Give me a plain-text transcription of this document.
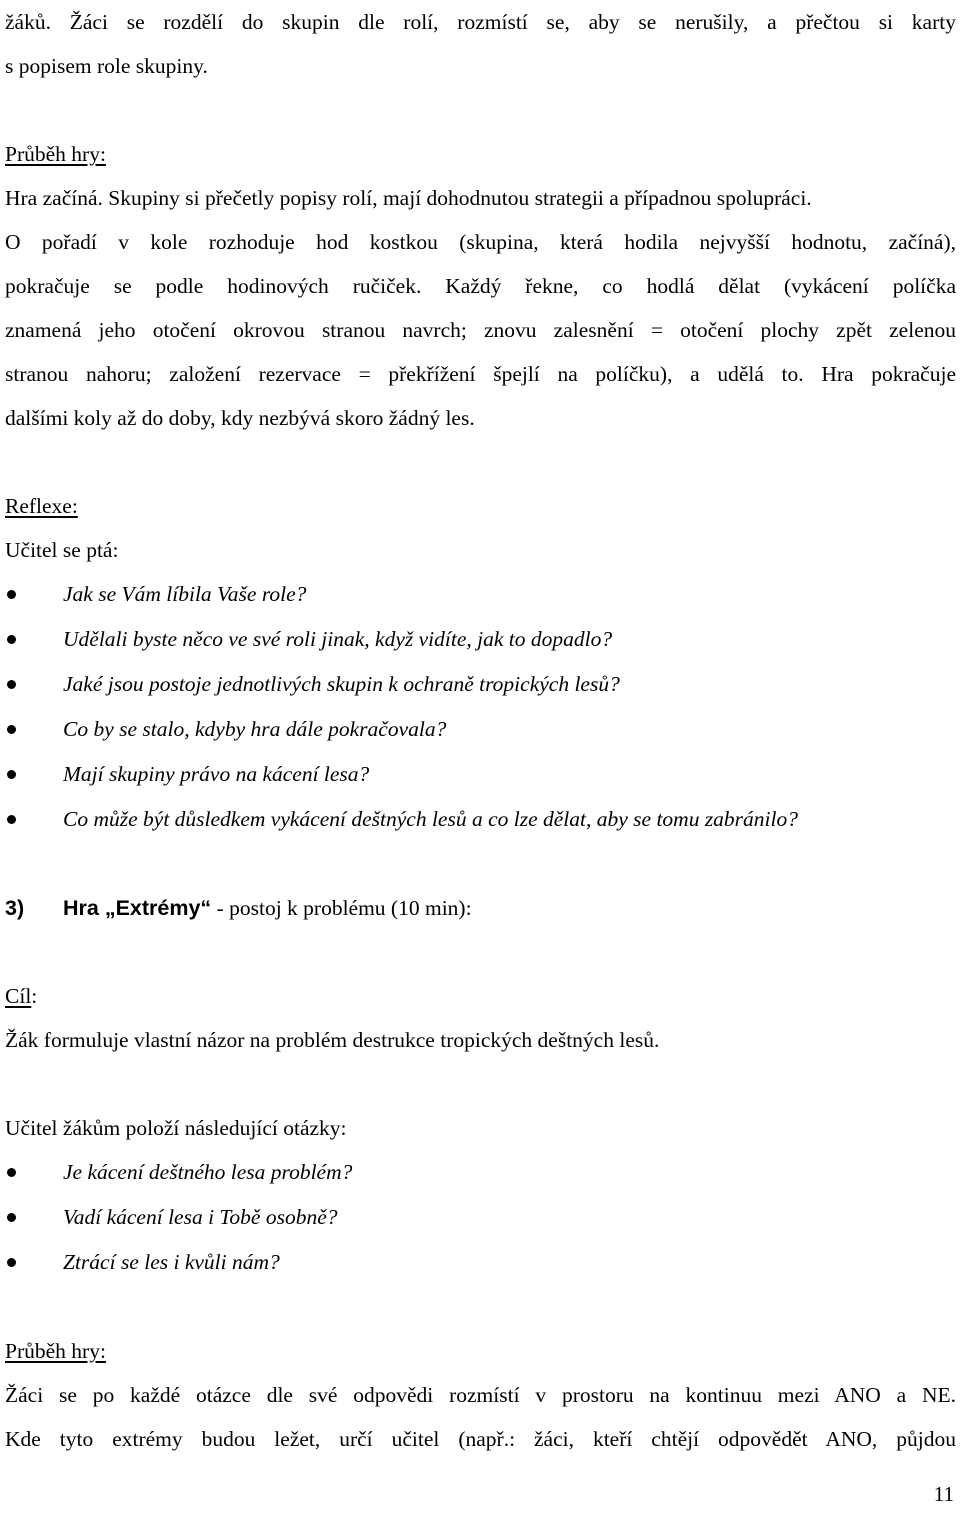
žáků. Žáci se rozdělí do skupin dle rolí, rozmístí se, aby se nerušily, a přečtou si karty

s popisem role skupiny.

Průběh hry:

Hra začíná. Skupiny si přečetly popisy rolí, mají dohodnutou strategii a případnou spolupráci.

O pořadí v kole rozhoduje hod kostkou (skupina, která hodila nejvyšší hodnotu, začíná),

pokračuje se podle hodinových ručiček. Každý řekne, co hodlá dělat (vykácení políčka

znamená jeho otočení okrovou stranou navrch; znovu zalesnění = otočení plochy zpět zelenou

stranou nahoru; založení rezervace = překřížení špejlí na políčku), a udělá to. Hra pokračuje

dalšími koly až do doby, kdy nezbývá skoro žádný les.

Reflexe:

Učitel se ptá:

Jak se Vám líbila Vaše role?
Udělali byste něco ve své roli jinak, když vidíte, jak to dopadlo?
Jaké jsou postoje jednotlivých skupin k ochraně tropických lesů?
Co by se stalo, kdyby hra dále pokračovala?
Mají skupiny právo na kácení lesa?
Co může být důsledkem vykácení deštných lesů a co lze dělat, aby se tomu zabránilo?
3) Hra „Extrémy“ - postoj k problému (10 min):

Cíl:

Žák formuluje vlastní názor na problém destrukce tropických deštných lesů.

Učitel žákům položí následující otázky:

Je kácení deštného lesa problém?
Vadí kácení lesa i Tobě osobně?
Ztrácí se les i kvůli nám?

Průběh hry:

Žáci se po každé otázce dle své odpovědi rozmístí v prostoru na kontinuu mezi ANO a NE.

Kde tyto extrémy budou ležet, určí učitel (např.: žáci, kteří chtějí odpovědět ANO, půjdou

11
